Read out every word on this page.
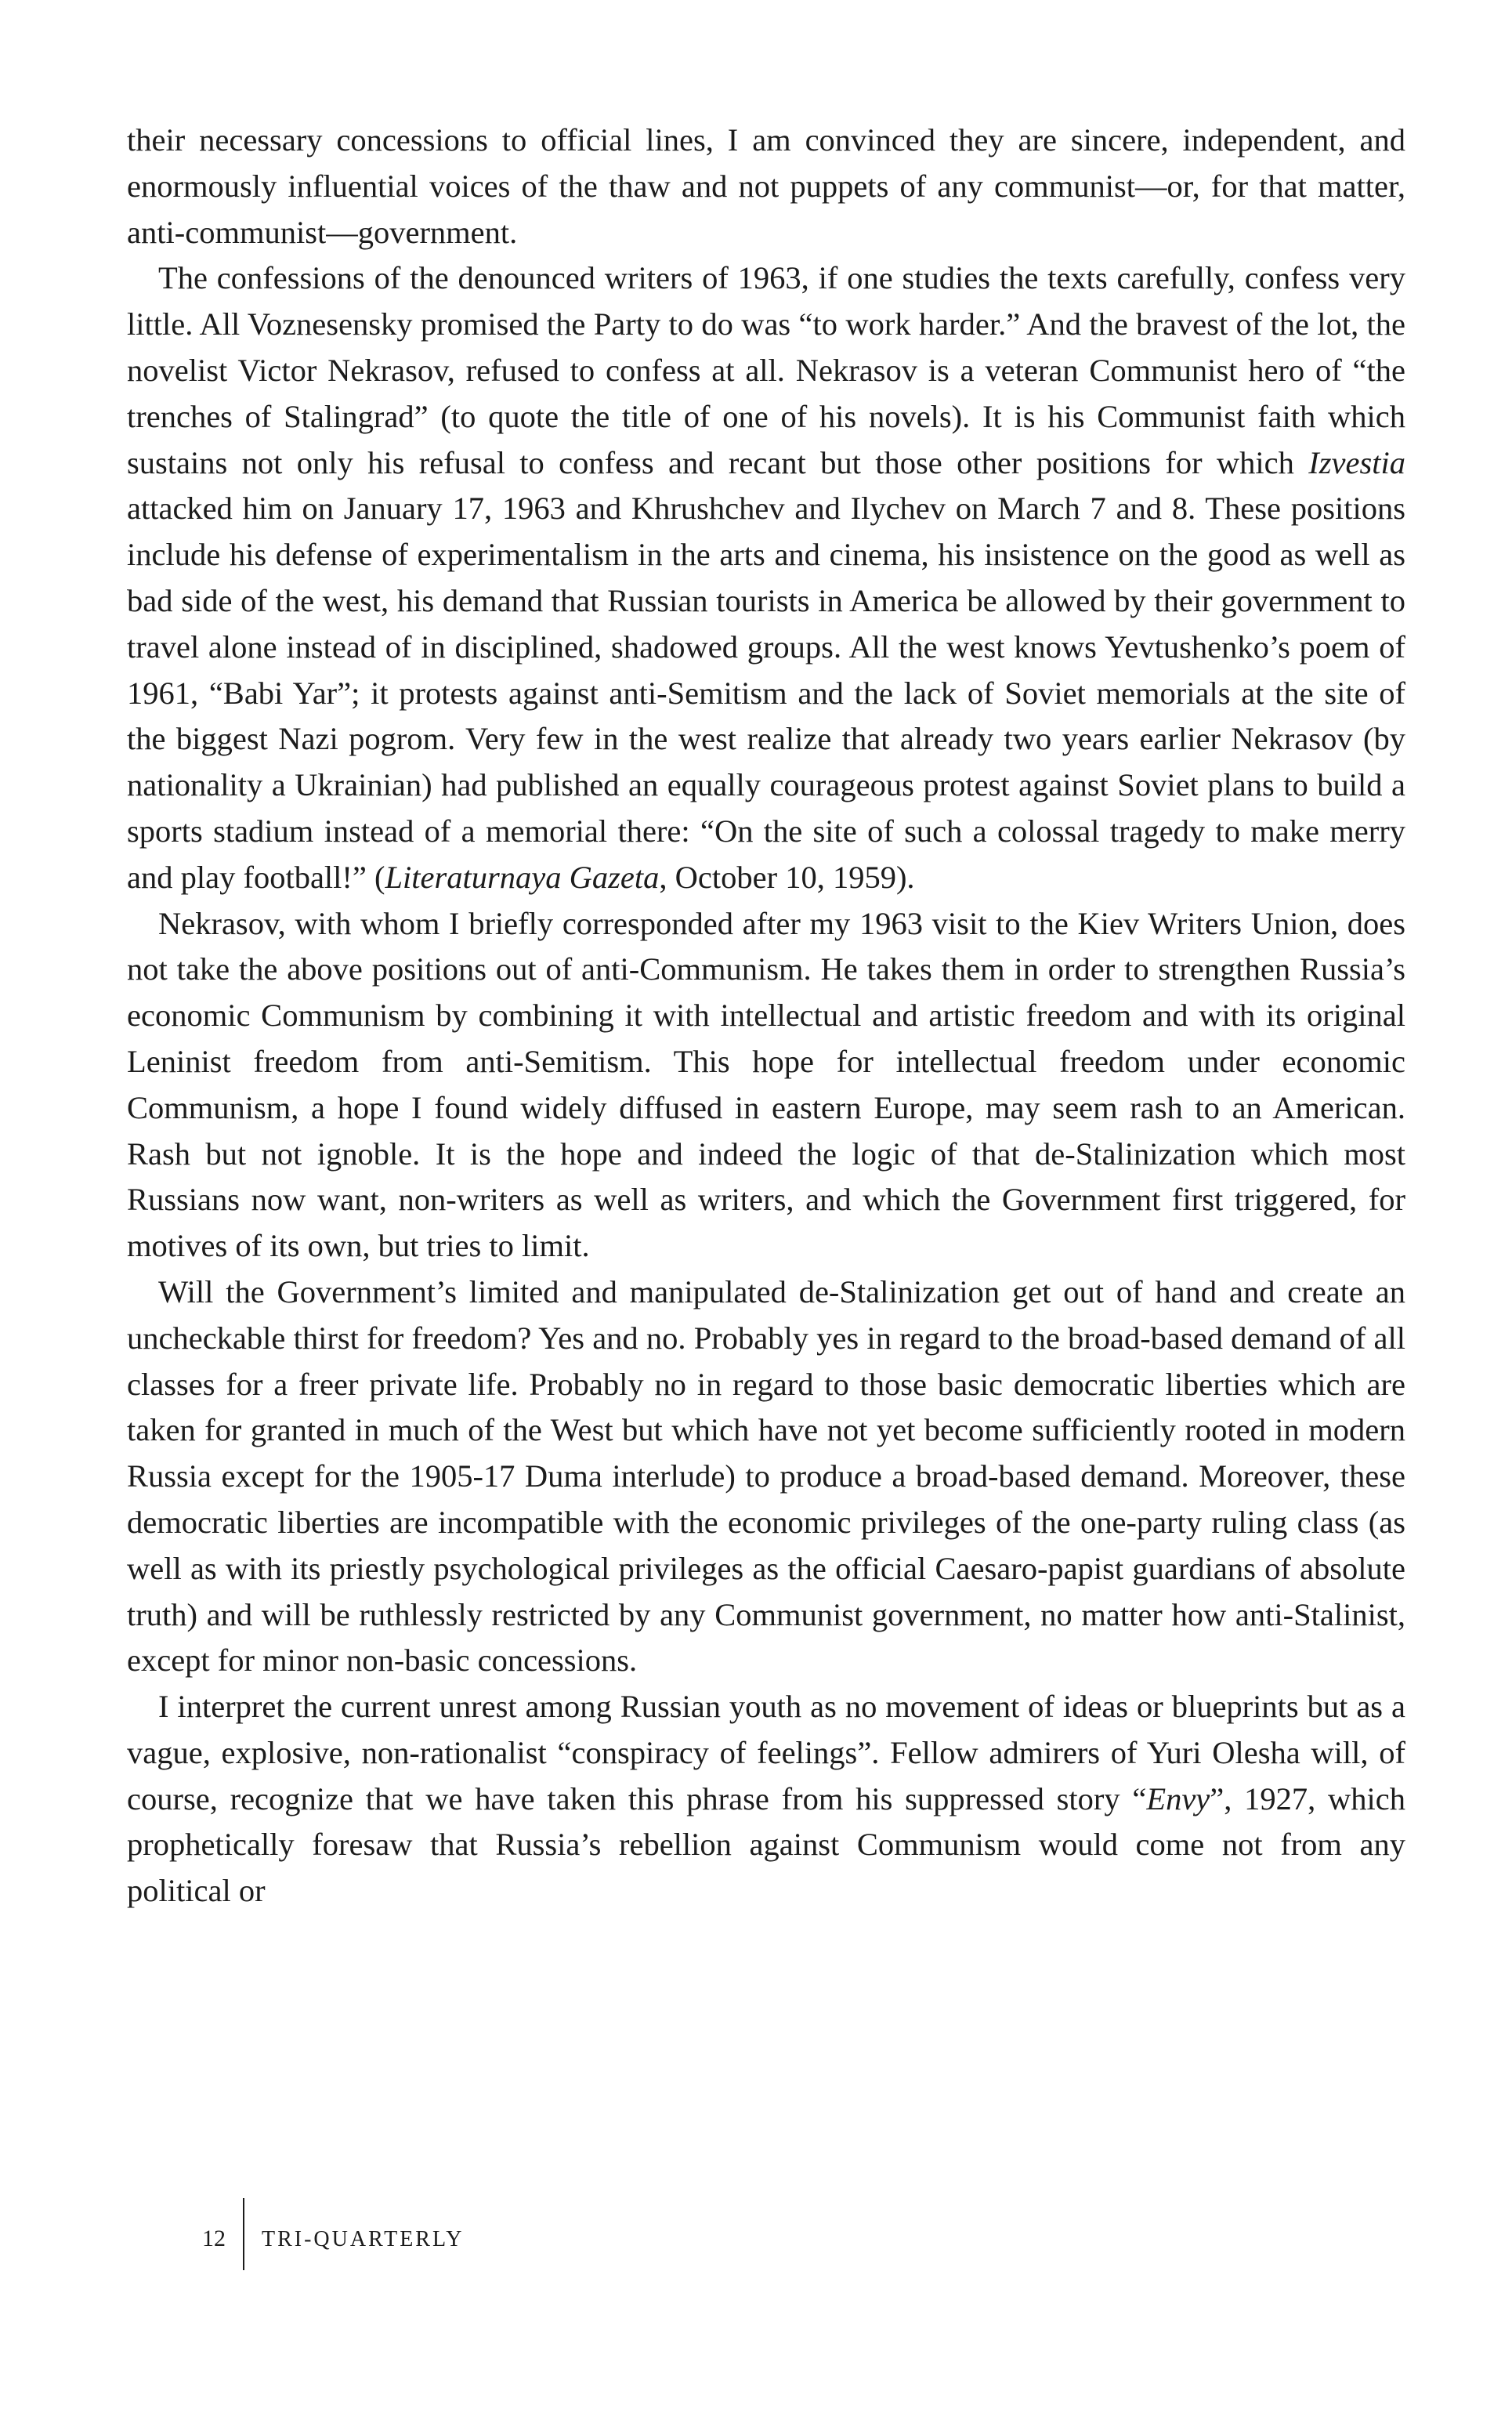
their necessary concessions to official lines, I am convinced they are sincere, independent, and enormously influential voices of the thaw and not puppets of any communist—or, for that matter, anti-communist—government.

The confessions of the denounced writers of 1963, if one studies the texts carefully, confess very little. All Voznesensky promised the Party to do was “to work harder.” And the bravest of the lot, the novelist Victor Nekrasov, refused to confess at all. Nekrasov is a veteran Communist hero of “the trenches of Stalingrad” (to quote the title of one of his novels). It is his Communist faith which sustains not only his refusal to confess and recant but those other positions for which Izvestia attacked him on January 17, 1963 and Khrushchev and Ilychev on March 7 and 8. These positions include his defense of experimentalism in the arts and cinema, his insistence on the good as well as bad side of the west, his demand that Russian tourists in America be allowed by their government to travel alone instead of in disciplined, shadowed groups. All the west knows Yevtushenko’s poem of 1961, “Babi Yar”; it protests against anti-Semitism and the lack of Soviet memorials at the site of the biggest Nazi pogrom. Very few in the west realize that already two years earlier Nekrasov (by nationality a Ukrainian) had published an equally courageous protest against Soviet plans to build a sports stadium instead of a memorial there: “On the site of such a colossal tragedy to make merry and play football!” (Literaturnaya Gazeta, October 10, 1959).

Nekrasov, with whom I briefly corresponded after my 1963 visit to the Kiev Writers Union, does not take the above positions out of anti-Communism. He takes them in order to strengthen Russia’s economic Communism by combining it with intellectual and artistic freedom and with its original Leninist freedom from anti-Semitism. This hope for intellectual freedom under economic Communism, a hope I found widely diffused in eastern Europe, may seem rash to an American. Rash but not ignoble. It is the hope and indeed the logic of that de-Stalinization which most Russians now want, non-writers as well as writers, and which the Government first triggered, for motives of its own, but tries to limit.

Will the Government’s limited and manipulated de-Stalinization get out of hand and create an uncheckable thirst for freedom? Yes and no. Probably yes in regard to the broad-based demand of all classes for a freer private life. Probably no in regard to those basic democratic liberties which are taken for granted in much of the West but which have not yet become sufficiently rooted in modern Russia except for the 1905-17 Duma interlude) to produce a broad-based demand. Moreover, these democratic liberties are incompatible with the economic privileges of the one-party ruling class (as well as with its priestly psychological privileges as the official Caesaro-papist guardians of absolute truth) and will be ruthlessly restricted by any Communist government, no matter how anti-Stalinist, except for minor non-basic concessions.

I interpret the current unrest among Russian youth as no movement of ideas or blueprints but as a vague, explosive, non-rationalist “conspiracy of feelings”. Fellow admirers of Yuri Olesha will, of course, recognize that we have taken this phrase from his suppressed story “Envy”, 1927, which prophetically foresaw that Russia’s rebellion against Communism would come not from any political or

12 TRI-QUARTERLY
